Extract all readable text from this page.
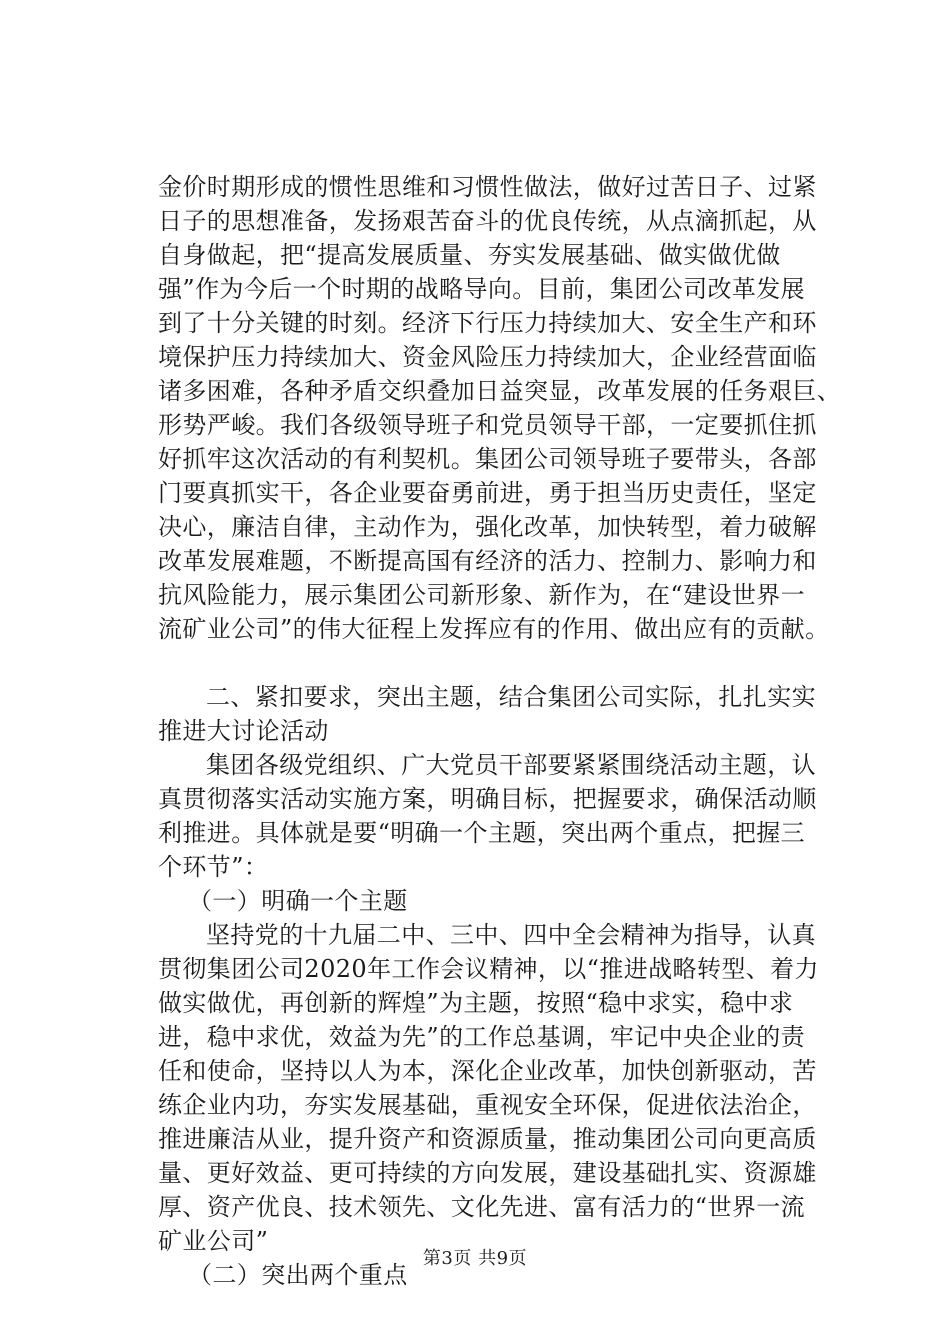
金价时期形成的惯性思维和习惯性做法，做好过苦日子、过紧
日子的思想准备，发扬艰苦奋斗的优良传统，从点滴抓起，从
自身做起，把“提高发展质量、夯实发展基础、做实做优做
强”作为今后一个时期的战略导向。目前，集团公司改革发展
到了十分关键的时刻。经济下行压力持续加大、安全生产和环
境保护压力持续加大、资金风险压力持续加大，企业经营面临
诸多困难，各种矛盾交织叠加日益突显，改革发展的任务艰巨、
形势严峻。我们各级领导班子和党员领导干部，一定要抓住抓
好抓牢这次活动的有利契机。集团公司领导班子要带头，各部
门要真抓实干，各企业要奋勇前进，勇于担当历史责任，坚定
决心，廉洁自律，主动作为，强化改革，加快转型，着力破解
改革发展难题，不断提高国有经济的活力、控制力、影响力和
抗风险能力，展示集团公司新形象、新作为，在“建设世界一
流矿业公司”的伟大征程上发挥应有的作用、做出应有的贡献。
二、紧扣要求，突出主题，结合集团公司实际，扎扎实实
推进大讨论活动
集团各级党组织、广大党员干部要紧紧围绕活动主题，认
真贯彻落实活动实施方案，明确目标，把握要求，确保活动顺
利推进。具体就是要“明确一个主题，突出两个重点，把握三
个环节”：
（一）明确一个主题
坚持党的十九届二中、三中、四中全会精神为指导，认真
贯彻集团公司2020年工作会议精神，以“推进战略转型、着力
做实做优，再创新的辉煌”为主题，按照“稳中求实，稳中求
进，稳中求优，效益为先”的工作总基调，牢记中央企业的责
任和使命，坚持以人为本，深化企业改革，加快创新驱动，苦
练企业内功，夯实发展基础，重视安全环保，促进依法治企，
推进廉洁从业，提升资产和资源质量，推动集团公司向更高质
量、更好效益、更可持续的方向发展，建设基础扎实、资源雄
厚、资产优良、技术领先、文化先进、富有活力的“世界一流
矿业公司”
（二）突出两个重点
第3页 共9页
